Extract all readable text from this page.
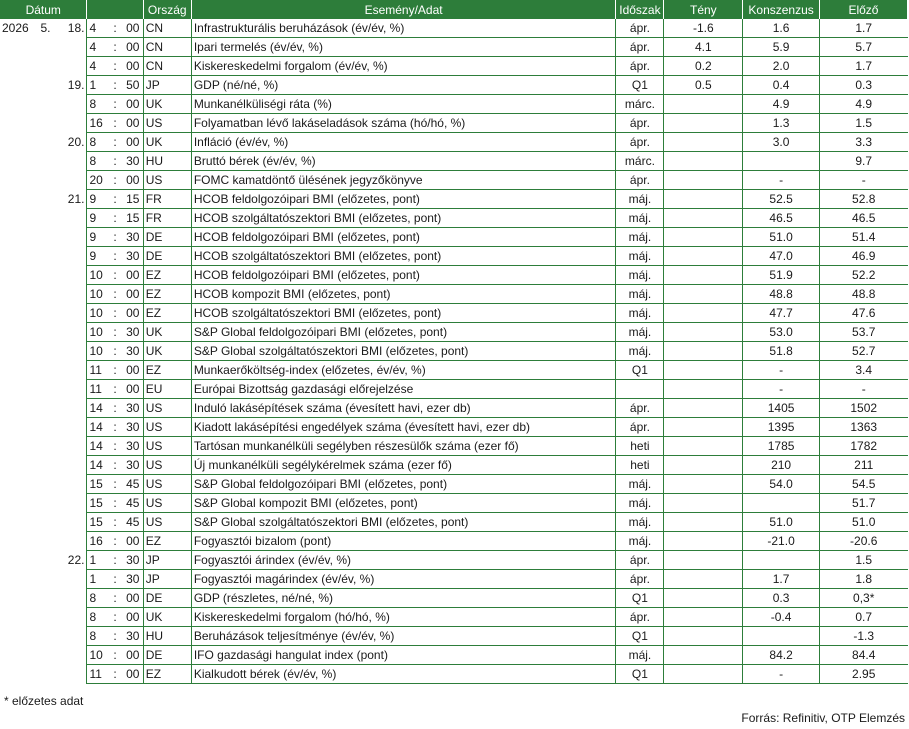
Dátum						Ország	Esemény/Adat	Időszak	Tény	Konszenzus	Előző
2026	5.	18.	4	:	00	CN	Infrastrukturális beruházások (év/év, %)	ápr.	-1.6	1.6	1.7
			4	:	00	CN	Ipari termelés (év/év, %)	ápr.	4.1	5.9	5.7
			4	:	00	CN	Kiskereskedelmi forgalom (év/év, %)	ápr.	0.2	2.0	1.7
		19.	1	:	50	JP	GDP (né/né, %)	Q1	0.5	0.4	0.3
			8	:	00	UK	Munkanélküliségi ráta (%)	márc.		4.9	4.9
			16	:	00	US	Folyamatban lévő lakáseladások száma (hó/hó, %)	ápr.		1.3	1.5
		20.	8	:	00	UK	Infláció (év/év, %)	ápr.		3.0	3.3
			8	:	30	HU	Bruttó bérek (év/év, %)	márc.			9.7
			20	:	00	US	FOMC kamatdöntő ülésének jegyzőkönyve	ápr.		-	-
		21.	9	:	15	FR	HCOB feldolgozóipari BMI (előzetes, pont)	máj.		52.5	52.8
			9	:	15	FR	HCOB szolgáltatószektori BMI (előzetes, pont)	máj.		46.5	46.5
			9	:	30	DE	HCOB feldolgozóipari BMI (előzetes, pont)	máj.		51.0	51.4
			9	:	30	DE	HCOB szolgáltatószektori BMI (előzetes, pont)	máj.		47.0	46.9
			10	:	00	EZ	HCOB feldolgozóipari BMI (előzetes, pont)	máj.		51.9	52.2
			10	:	00	EZ	HCOB kompozit BMI (előzetes, pont)	máj.		48.8	48.8
			10	:	00	EZ	HCOB szolgáltatószektori BMI (előzetes, pont)	máj.		47.7	47.6
			10	:	30	UK	S&P Global feldolgozóipari BMI (előzetes, pont)	máj.		53.0	53.7
			10	:	30	UK	S&P Global szolgáltatószektori BMI (előzetes, pont)	máj.		51.8	52.7
			11	:	00	EZ	Munkaerőköltség-index (előzetes, év/év, %)	Q1		-	3.4
			11	:	00	EU	Európai Bizottság gazdasági előrejelzése			-	-
			14	:	30	US	Induló lakásépítések száma (évesített havi, ezer db)	ápr.		1405	1502
			14	:	30	US	Kiadott lakásépítési engedélyek száma (évesített havi, ezer db)	ápr.		1395	1363
			14	:	30	US	Tartósan munkanélküli segélyben részesülők száma (ezer fő)	heti		1785	1782
			14	:	30	US	Új munkanélküli segélykérelmek száma (ezer fő)	heti		210	211
			15	:	45	US	S&P Global feldolgozóipari BMI (előzetes, pont)	máj.		54.0	54.5
			15	:	45	US	S&P Global kompozit BMI (előzetes, pont)	máj.			51.7
			15	:	45	US	S&P Global szolgáltatószektori BMI (előzetes, pont)	máj.		51.0	51.0
			16	:	00	EZ	Fogyasztói bizalom (pont)	máj.		-21.0	-20.6
		22.	1	:	30	JP	Fogyasztói árindex (év/év, %)	ápr.			1.5
			1	:	30	JP	Fogyasztói magárindex (év/év, %)	ápr.		1.7	1.8
			8	:	00	DE	GDP (részletes, né/né, %)	Q1		0.3	0,3*
			8	:	00	UK	Kiskereskedelmi forgalom (hó/hó, %)	ápr.		-0.4	0.7
			8	:	30	HU	Beruházások teljesítménye (év/év, %)	Q1			-1.3
			10	:	00	DE	IFO gazdasági hangulat index (pont)	máj.		84.2	84.4
			11	:	00	EZ	Kialkudott bérek (év/év, %)	Q1		-	2.95
* előzetes adat
Forrás: Refinitiv, OTP Elemzés
